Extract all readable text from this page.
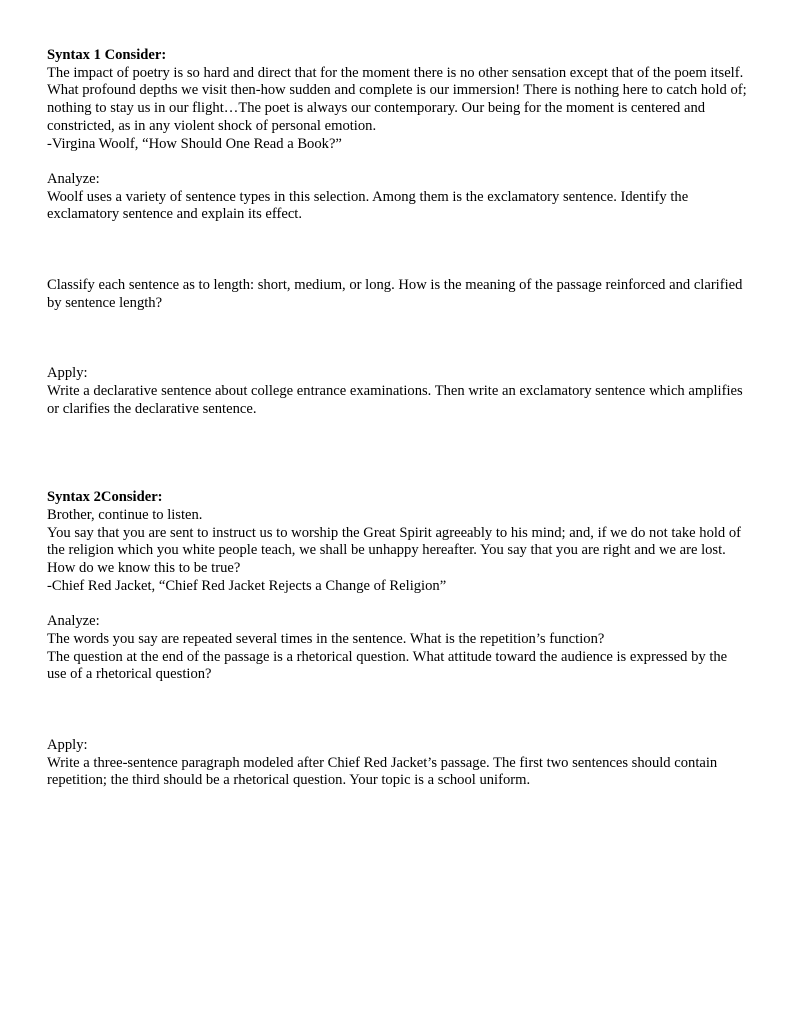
Syntax 1 Consider:

The impact of poetry is so hard and direct that for the moment there is no other sensation except that of the poem itself. What profound depths we visit then-how sudden and complete is our immersion! There is nothing here to catch hold of; nothing to stay us in our flight…The poet is always our contemporary. Our being for the moment is centered and constricted, as in any violent shock of personal emotion.

-Virgina Woolf, “How Should One Read a Book?”

Analyze:

Woolf uses a variety of sentence types in this selection. Among them is the exclamatory sentence. Identify the exclamatory sentence and explain its effect.

Classify each sentence as to length: short, medium, or long. How is the meaning of the passage reinforced and clarified by sentence length?

Apply:

Write a declarative sentence about college entrance examinations. Then write an exclamatory sentence which amplifies or clarifies the declarative sentence.

Syntax 2Consider:

Brother, continue to listen.

You say that you are sent to instruct us to worship the Great Spirit agreeably to his mind; and, if we do not take hold of the religion which you white people teach, we shall be unhappy hereafter. You say that you are right and we are lost. How do we know this to be true?

-Chief Red Jacket, “Chief Red Jacket Rejects a Change of Religion”

Analyze:

The words you say are repeated several times in the sentence. What is the repetition’s function?

The question at the end of the passage is a rhetorical question. What attitude toward the audience is expressed by the use of a rhetorical question?

Apply:

Write a three-sentence paragraph modeled after Chief Red Jacket’s passage. The first two sentences should contain repetition; the third should be a rhetorical question. Your topic is a school uniform.
